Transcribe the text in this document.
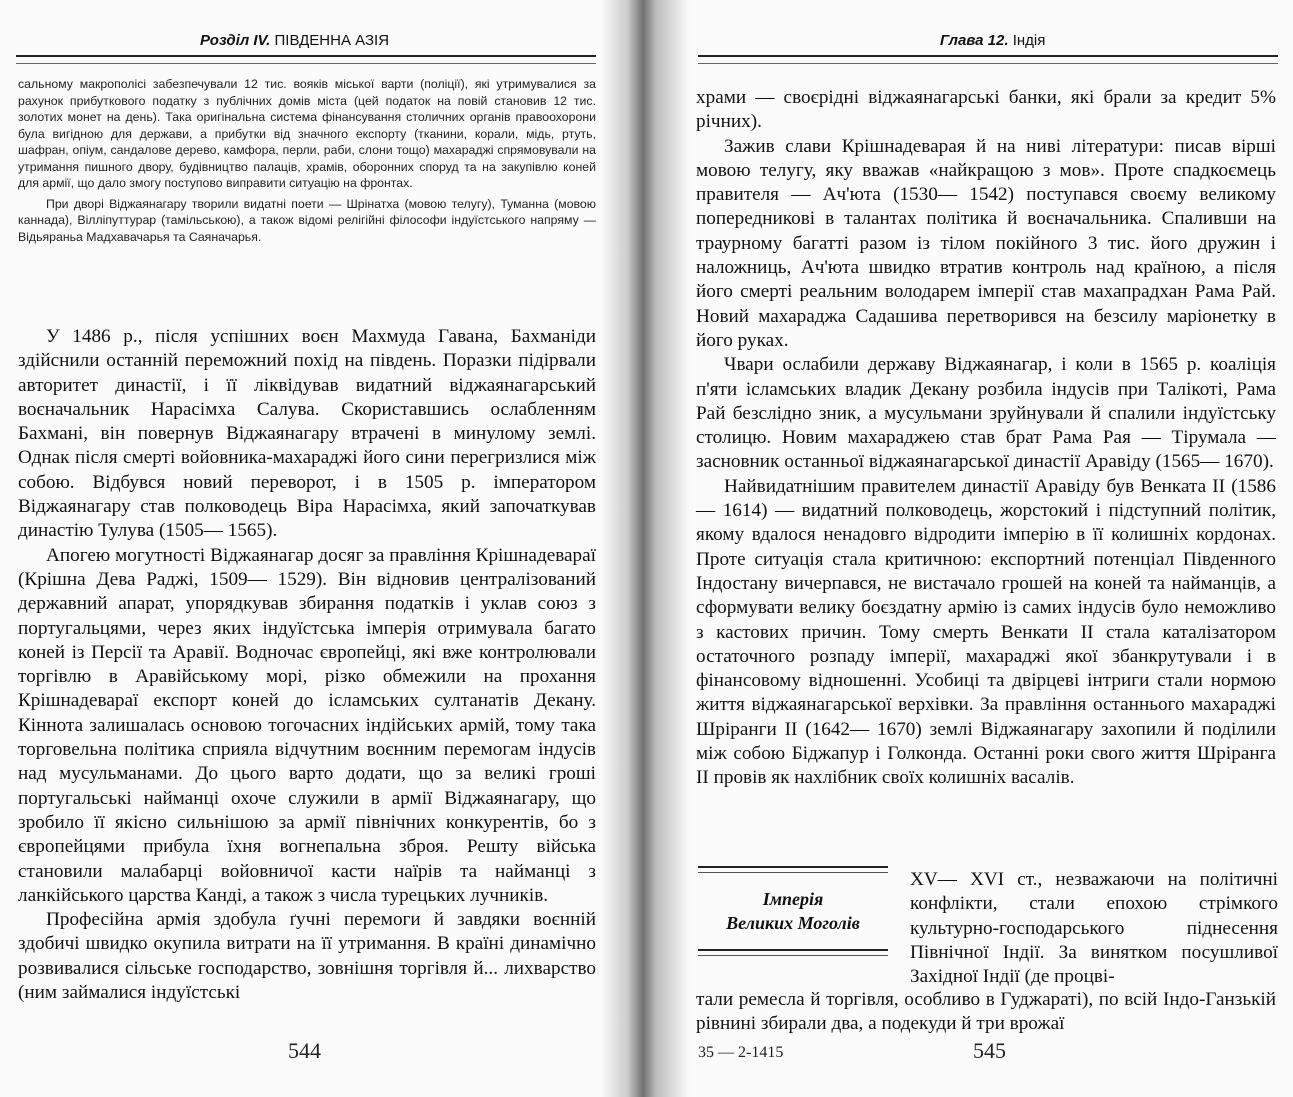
Розділ IV. ПІВДЕННА АЗІЯ

сальному макрополісі забезпечували 12 тис. вояків міської варти (поліції), які утримувалися за рахунок прибуткового податку з публічних домів міста (цей податок на повій становив 12 тис. золотих монет на день). Така оригінальна система фінансування столичних органів правоохорони була вигідною для держави, а прибутки від значного експорту (тканини, корали, мідь, ртуть, шафран, опіум, сандалове дерево, камфора, перли, раби, слони тощо) махараджі спрямовували на утримання пишного двору, будівництво палаців, храмів, оборонних споруд та на закупівлю коней для армії, що дало змогу поступово виправити ситуацію на фронтах.

При дворі Віджаянагару творили видатні поети — Шрінатха (мовою телугу), Туманна (мовою каннада), Вілліпуттурар (тамільською), а також відомі релігійні філософи індуїстського напряму — Відьяраньа Мадхавачарья та Саяначарья.

У 1486 р., після успішних воєн Махмуда Гавана, Бахманіди здійснили останній переможний похід на південь. Поразки підірвали авторитет династії, і її ліквідував видатний віджаянагарський воєначальник Нарасімха Салува. Скориставшись ослабленням Бахмані, він повернув Віджаянагару втрачені в минулому землі. Однак після смерті войовника-махараджі його сини перегризлися між собою. Відбувся новий переворот, і в 1505 р. імператором Віджаянагару став полководець Віра Нарасімха, який започаткував династію Тулува (1505— 1565).

Апогею могутності Віджаянагар досяг за правління Крішнадевараї (Крішна Дева Раджі, 1509— 1529). Він відновив централізований державний апарат, упорядкував збирання податків і уклав союз з португальцями, через яких індуїстська імперія отримувала багато коней із Персії та Аравії. Водночас європейці, які вже контролювали торгівлю в Аравійському морі, різко обмежили на прохання Крішнадевараї експорт коней до ісламських султанатів Декану. Кіннота залишалась основою тогочасних індійських армій, тому така торговельна політика сприяла відчутним воєнним перемогам індусів над мусульманами. До цього варто додати, що за великі гроші португальські найманці охоче служили в армії Віджаянагару, що зробило її якісно сильнішою за армії північних конкурентів, бо з європейцями прибула їхня вогнепальна зброя. Решту війська становили малабарці войовничої касти наїрів та найманці з ланкійського царства Канді, а також з числа турецьких лучників.

Професійна армія здобула ґучні перемоги й завдяки воєнній здобичі швидко окупила витрати на її утримання. В країні динамічно розвивалися сільське господарство, зовнішня торгівля й... лихварство (ним займалися індуїстські

544
Глава 12. Індія

храми — своєрідні віджаянагарські банки, які брали за кредит 5% річних).

Зажив слави Крішнадеварая й на ниві літератури: писав вірші мовою телугу, яку вважав «найкращою з мов». Проте спадкоємець правителя — Ач'юта (1530— 1542) поступався своєму великому попередникові в талантах політика й воєначальника. Спаливши на траурному багатті разом із тілом покійного 3 тис. його дружин і наложниць, Ач'юта швидко втратив контроль над країною, а після його смерті реальним володарем імперії став махапрадхан Рама Рай. Новий махараджа Садашива перетворився на безсилу маріонетку в його руках.

Чвари ослабили державу Віджаянагар, і коли в 1565 р. коаліція п'яти ісламських владик Декану розбила індусів при Талікоті, Рама Рай безслідно зник, а мусульмани зруйнували й спалили індуїстську столицю. Новим махараджею став брат Рама Рая — Тірумала — засновник останньої віджаянагарської династії Аравіду (1565— 1670).

Найвидатнішим правителем династії Аравіду був Венката II (1586— 1614) — видатний полководець, жорстокий і підступний політик, якому вдалося ненадовго відродити імперію в її колишніх кордонах. Проте ситуація стала критичною: експортний потенціал Південного Індостану вичерпався, не вистачало грошей на коней та найманців, а сформувати велику боєздатну армію із самих індусів було неможливо з кастових причин. Тому смерть Венкати II стала каталізатором остаточного розпаду імперії, махараджі якої збанкрутували і в фінансовому відношенні. Усобиці та двірцеві інтриги стали нормою життя віджаянагарської верхівки. За правління останнього махараджі Шріранги II (1642— 1670) землі Віджаянагару захопили й поділили між собою Біджапур і Голконда. Останні роки свого життя Шріранга II провів як нахлібник своїх колишніх васалів.

Імперія
Великих Моголів
XV— XVI ст., незважаючи на політичні конфлікти, стали епохою стрімкого культурно-господарського піднесення Північної Індії. За винятком посушливої Західної Індії (де процві-
тали ремесла й торгівля, особливо в Гуджараті), по всій Індо-Ганзькій рівнині збирали два, а подекуди й три врожаї
35 — 2-1415	545
